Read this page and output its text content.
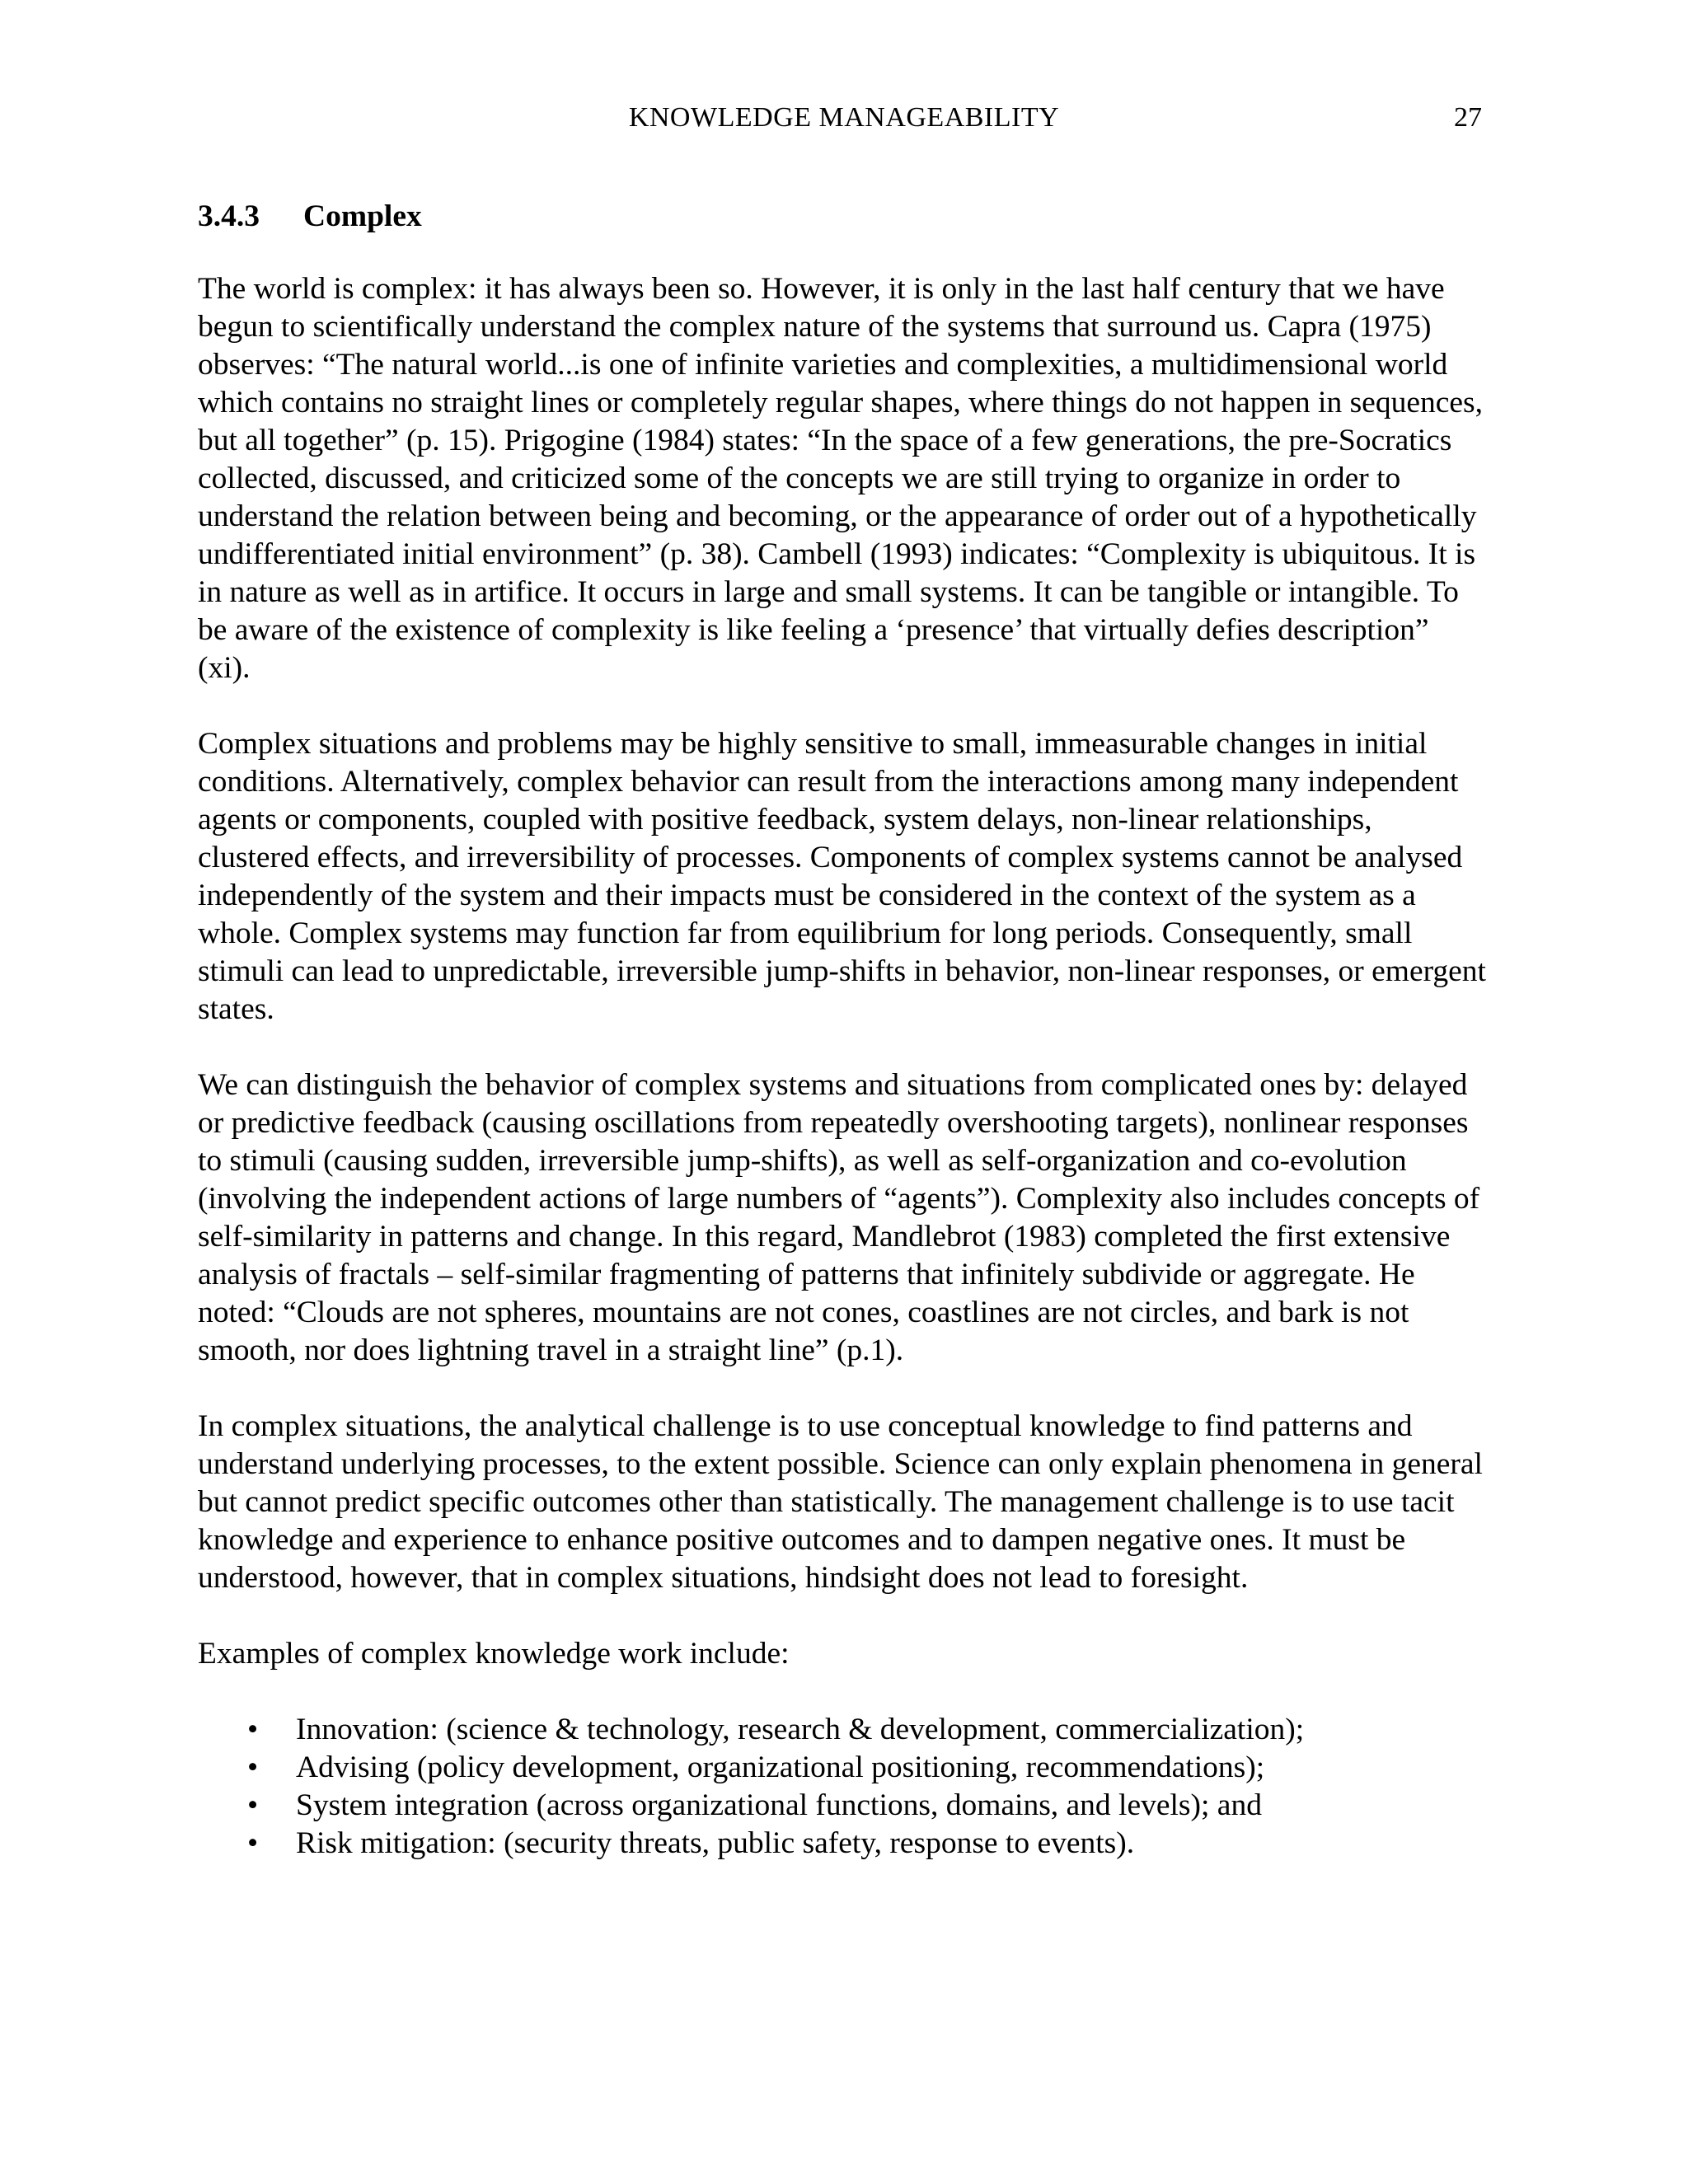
KNOWLEDGE MANAGEABILITY	27
3.4.3 Complex

The world is complex: it has always been so. However, it is only in the last half century that we have begun to scientifically understand the complex nature of the systems that surround us. Capra (1975) observes: “The natural world...is one of infinite varieties and complexities, a multidimensional world which contains no straight lines or completely regular shapes, where things do not happen in sequences, but all together” (p. 15). Prigogine (1984) states: “In the space of a few generations, the pre-Socratics collected, discussed, and criticized some of the concepts we are still trying to organize in order to understand the relation between being and becoming, or the appearance of order out of a hypothetically undifferentiated initial environment” (p. 38). Cambell (1993) indicates: “Complexity is ubiquitous. It is in nature as well as in artifice. It occurs in large and small systems. It can be tangible or intangible. To be aware of the existence of complexity is like feeling a ‘presence’ that virtually defies description” (xi).

Complex situations and problems may be highly sensitive to small, immeasurable changes in initial conditions. Alternatively, complex behavior can result from the interactions among many independent agents or components, coupled with positive feedback, system delays, non-linear relationships, clustered effects, and irreversibility of processes. Components of complex systems cannot be analysed independently of the system and their impacts must be considered in the context of the system as a whole. Complex systems may function far from equilibrium for long periods. Consequently, small stimuli can lead to unpredictable, irreversible jump-shifts in behavior, non-linear responses, or emergent states.

We can distinguish the behavior of complex systems and situations from complicated ones by: delayed or predictive feedback (causing oscillations from repeatedly overshooting targets), nonlinear responses to stimuli (causing sudden, irreversible jump-shifts), as well as self-organization and co-evolution (involving the independent actions of large numbers of “agents”). Complexity also includes concepts of self-similarity in patterns and change. In this regard, Mandlebrot (1983) completed the first extensive analysis of fractals – self-similar fragmenting of patterns that infinitely subdivide or aggregate. He noted: “Clouds are not spheres, mountains are not cones, coastlines are not circles, and bark is not smooth, nor does lightning travel in a straight line” (p.1).

In complex situations, the analytical challenge is to use conceptual knowledge to find patterns and understand underlying processes, to the extent possible. Science can only explain phenomena in general but cannot predict specific outcomes other than statistically. The management challenge is to use tacit knowledge and experience to enhance positive outcomes and to dampen negative ones. It must be understood, however, that in complex situations, hindsight does not lead to foresight.

Examples of complex knowledge work include:

• Innovation: (science & technology, research & development, commercialization);
• Advising (policy development, organizational positioning, recommendations);
• System integration (across organizational functions, domains, and levels); and
• Risk mitigation: (security threats, public safety, response to events).
